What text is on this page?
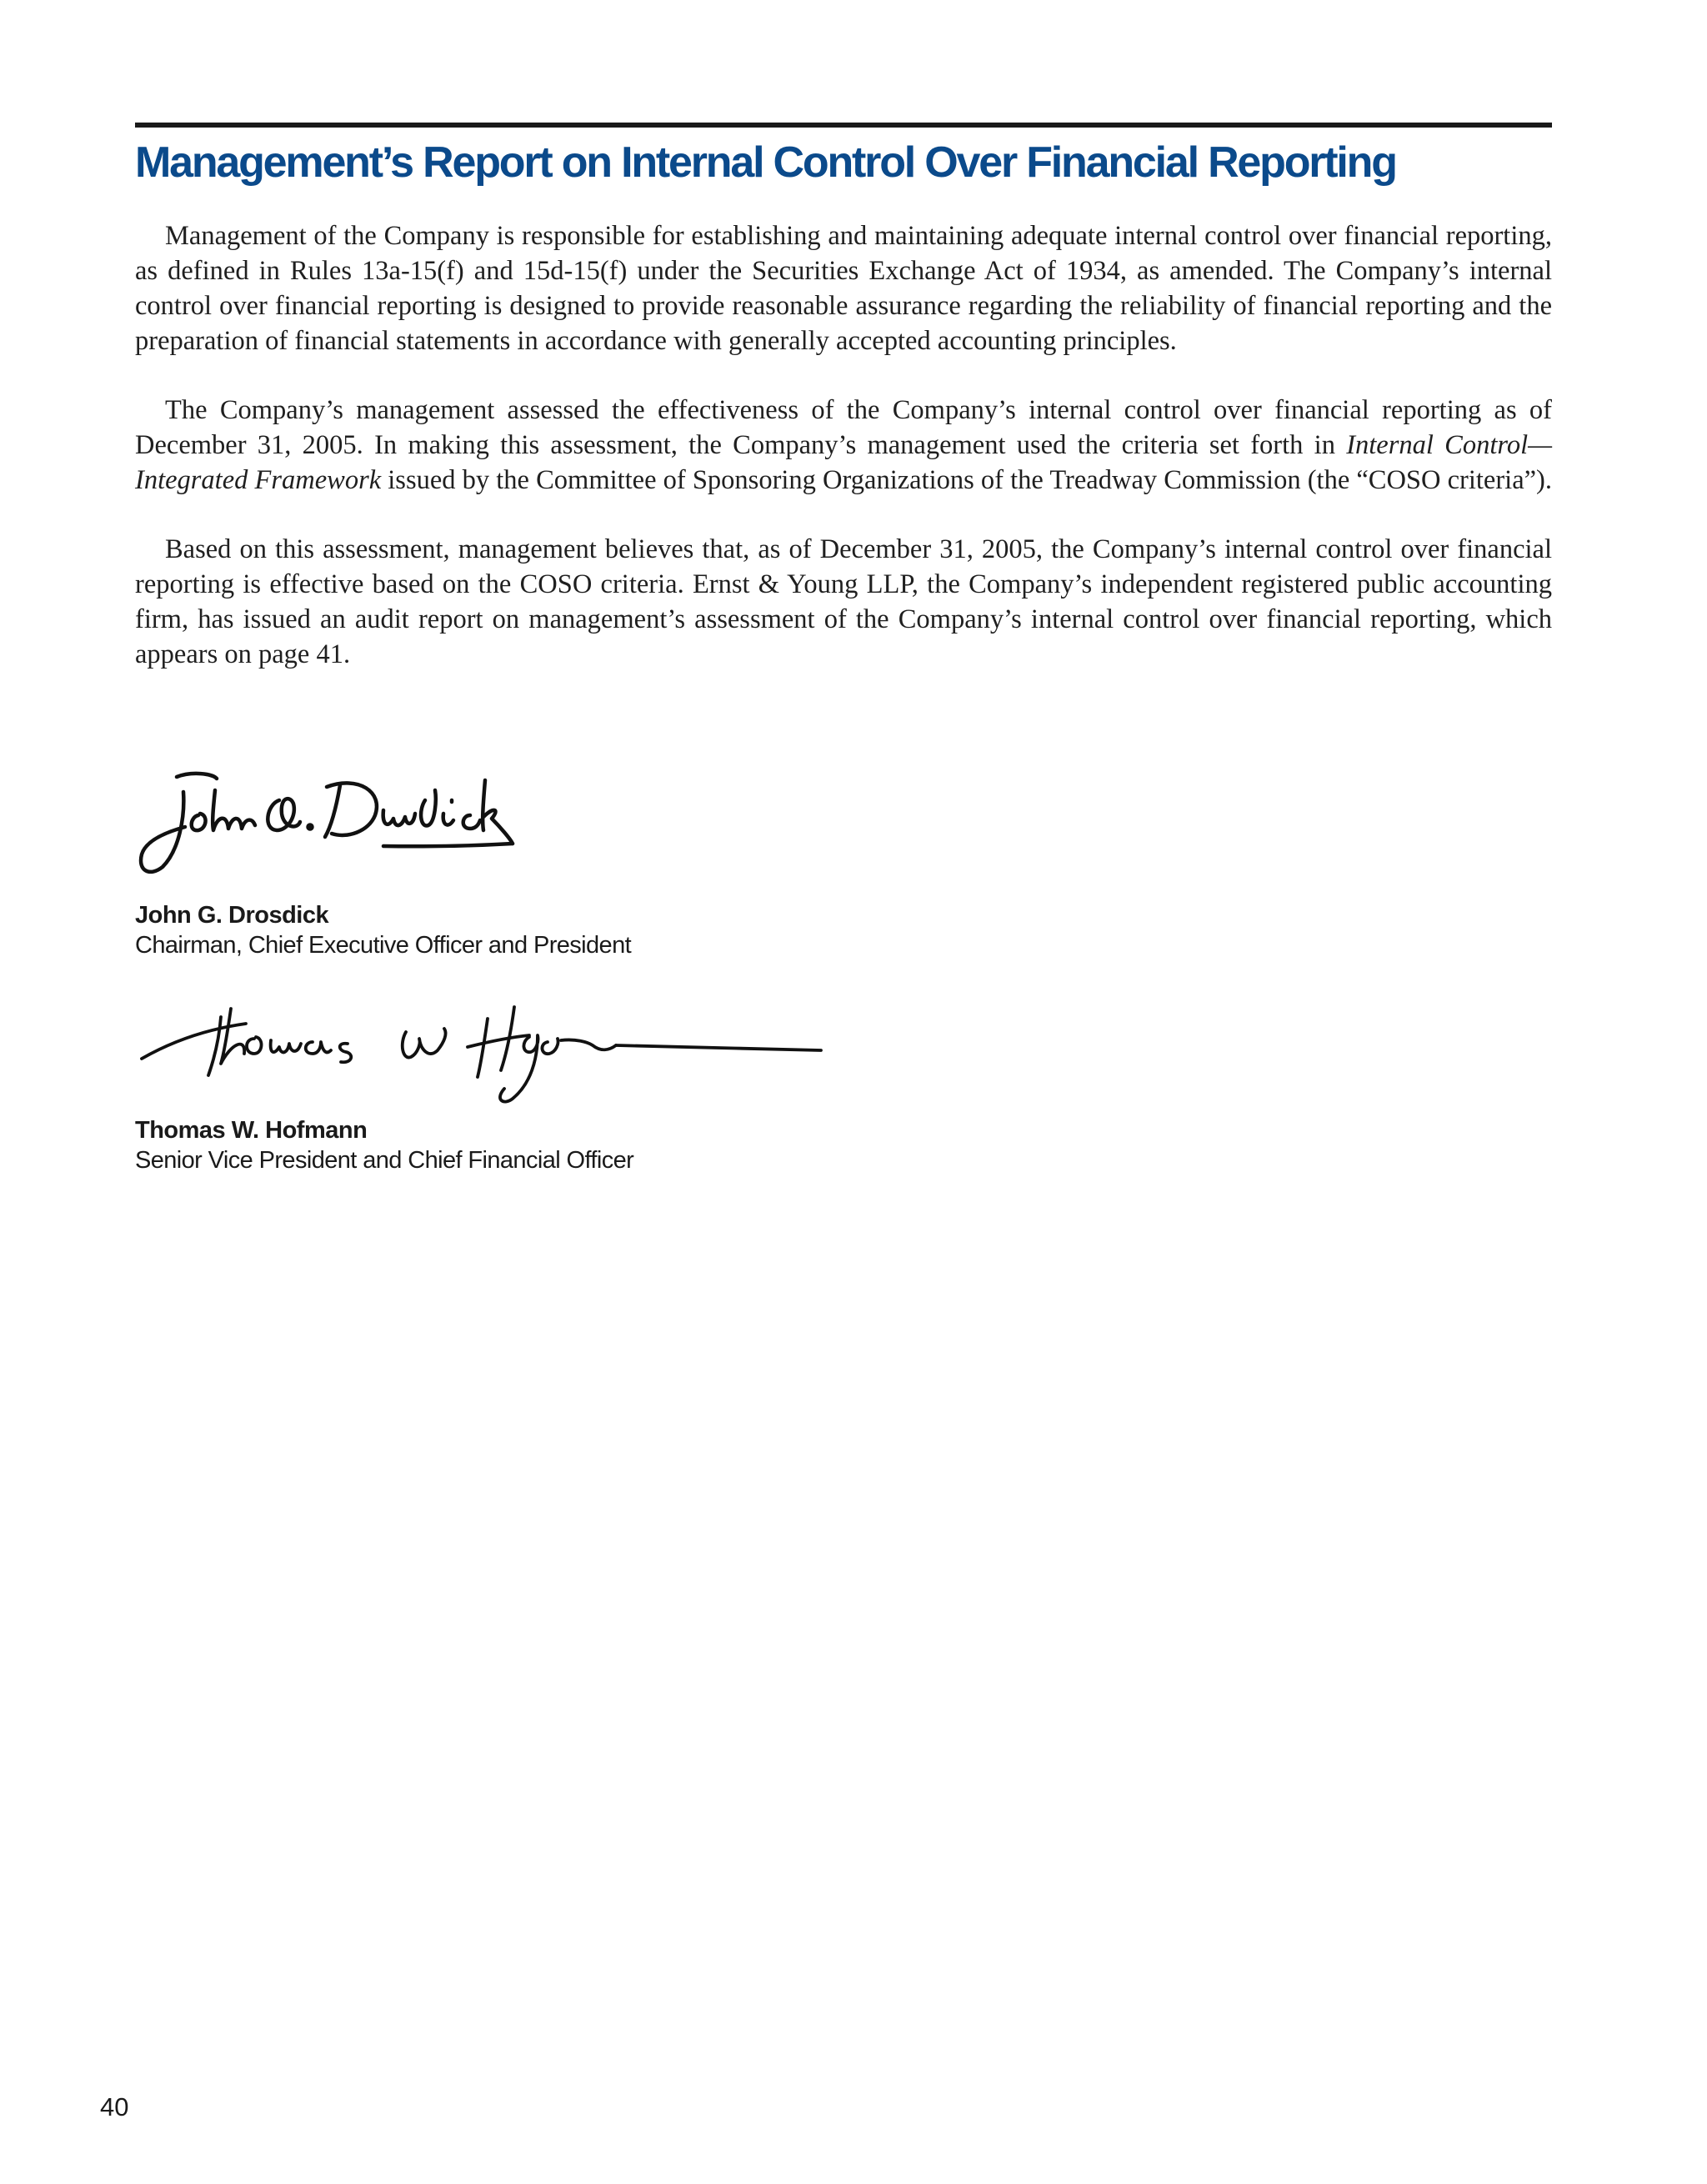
Management’s Report on Internal Control Over Financial Reporting

Management of the Company is responsible for establishing and maintaining adequate internal control over financial reporting, as defined in Rules 13a-15(f) and 15d-15(f) under the Securities Exchange Act of 1934, as amended. The Company’s internal control over financial reporting is designed to provide reasonable assurance regarding the reliability of financial reporting and the preparation of financial statements in accordance with generally accepted accounting principles.

The Company’s management assessed the effectiveness of the Company’s internal control over financial reporting as of December 31, 2005. In making this assessment, the Company’s management used the criteria set forth in Internal Control—Integrated Framework issued by the Committee of Sponsoring Organizations of the Treadway Commission (the “COSO criteria”).

Based on this assessment, management believes that, as of December 31, 2005, the Company’s internal control over financial reporting is effective based on the COSO criteria. Ernst & Young LLP, the Company’s independent registered public accounting firm, has issued an audit report on management’s assessment of the Company’s internal control over financial reporting, which appears on page 41.

John G. Drosdick
Chairman, Chief Executive Officer and President
Thomas W. Hofmann
Senior Vice President and Chief Financial Officer
40
